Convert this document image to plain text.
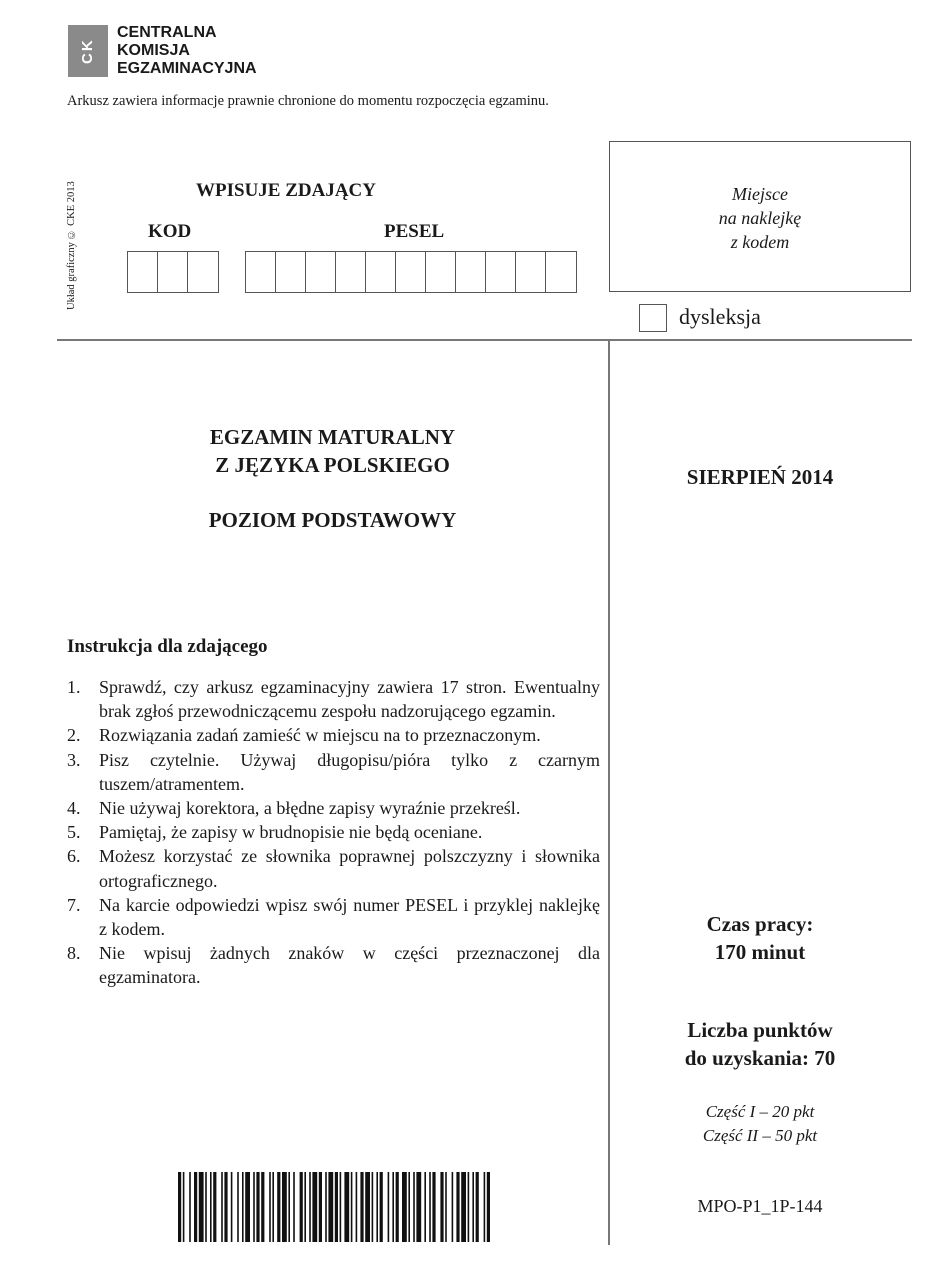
CK
CENTRALNA
KOMISJA
EGZAMINACYJNA
Arkusz zawiera informacje prawnie chronione do momentu rozpoczęcia egzaminu.
Układ graficzny © CKE 2013	WPISUJE ZDAJĄCY
KOD	PESEL
Miejsce
na naklejkę
z kodem
dysleksja
EGZAMIN MATURALNY
Z JĘZYKA POLSKIEGO
POZIOM PODSTAWOWY
SIERPIEŃ 2014
Instrukcja dla zdającego
1.	Sprawdź, czy arkusz egzaminacyjny zawiera 17 stron. Ewentualny brak zgłoś przewodniczącemu zespołu nadzorującego egzamin.
2.	Rozwiązania zadań zamieść w miejscu na to przeznaczonym.
3.	Pisz czytelnie. Używaj długopisu/pióra tylko z czarnym tuszem/atramentem.
4.	Nie używaj korektora, a błędne zapisy wyraźnie przekreśl.
5.	Pamiętaj, że zapisy w brudnopisie nie będą oceniane.
6.	Możesz korzystać ze słownika poprawnej polszczyzny i słownika ortograficznego.
7.	Na karcie odpowiedzi wpisz swój numer PESEL i przyklej naklejkę z kodem.
8.	Nie wpisuj żadnych znaków w części przeznaczonej dla egzaminatora.
Czas pracy:
170 minut
Liczba punktów
do uzyskania: 70
Część I – 20 pkt
Część II – 50 pkt
MPO-P1_1P-144
